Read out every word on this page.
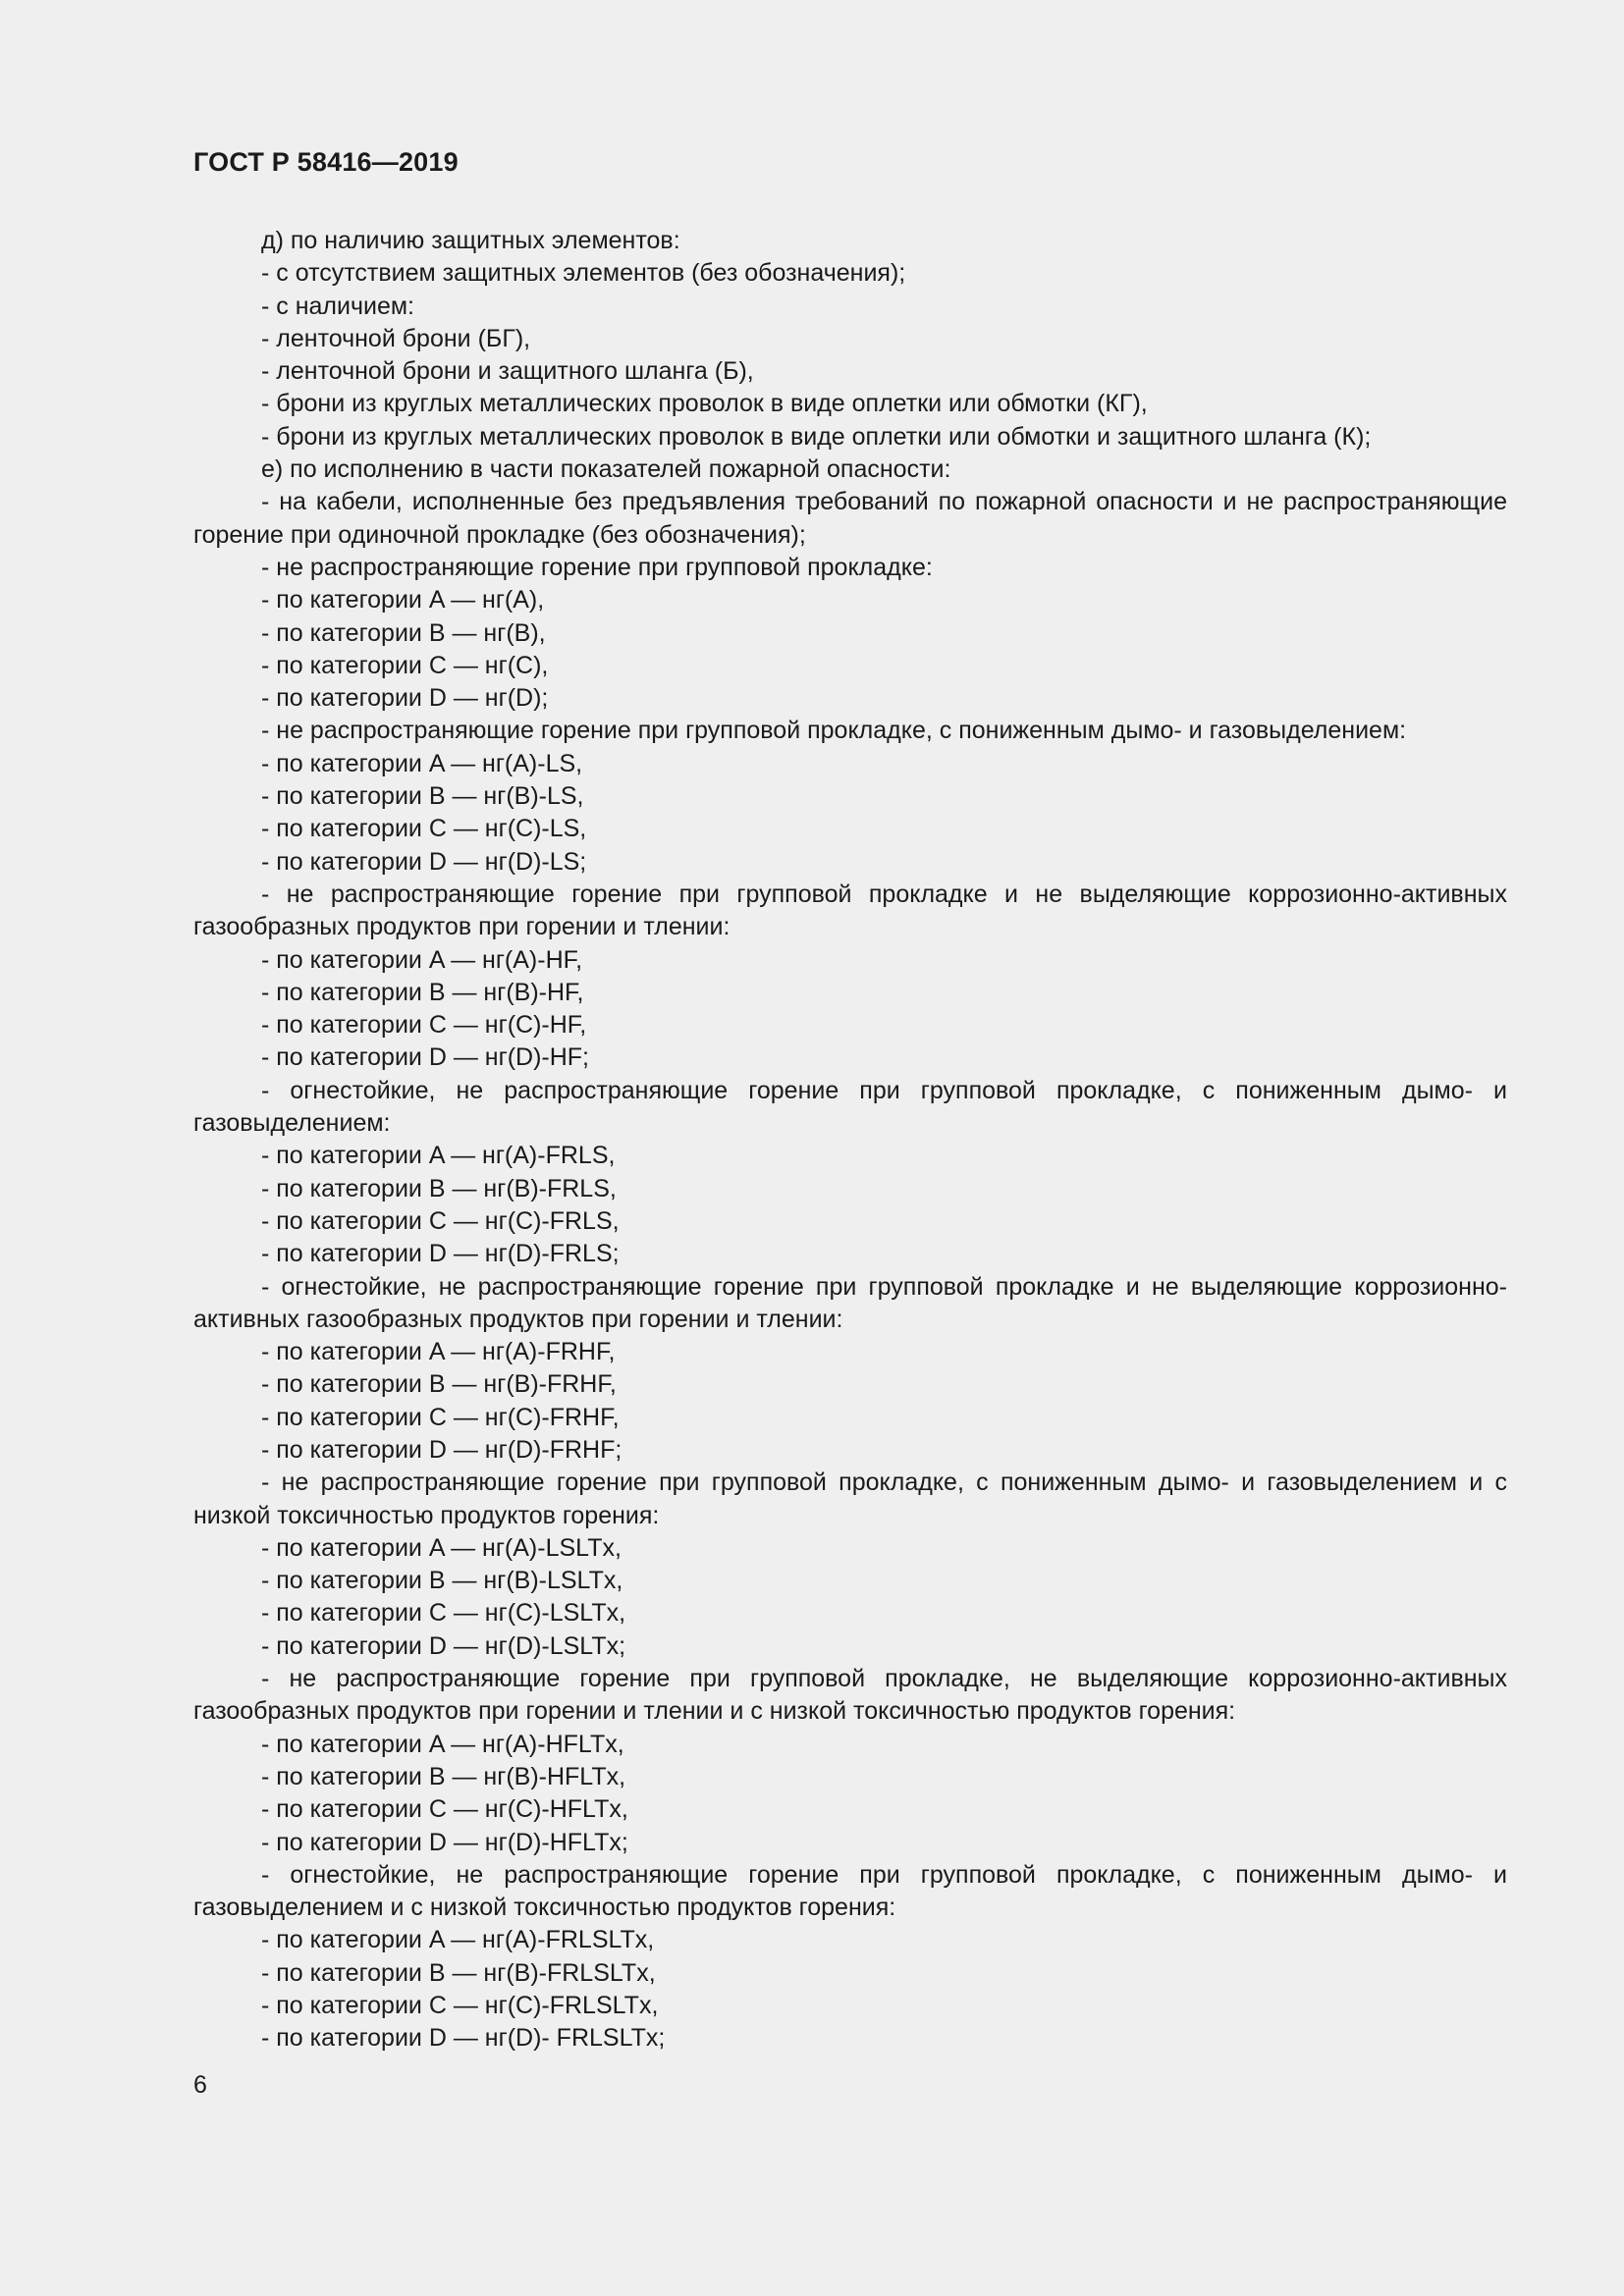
ГОСТ Р 58416—2019

д) по наличию защитных элементов:

- с отсутствием защитных элементов (без обозначения);

- с наличием:

- ленточной брони (БГ),

- ленточной брони и защитного шланга (Б),

- брони из круглых металлических проволок в виде оплетки или обмотки (КГ),

- брони из круглых металлических проволок в виде оплетки или обмотки и защитного шланга (К);

е) по исполнению в части показателей пожарной опасности:

- на кабели, исполненные без предъявления требований по пожарной опасности и не распространяющие горение при одиночной прокладке (без обозначения);

- не распространяющие горение при групповой прокладке:

- по категории A — нг(A),

- по категории B — нг(B),

- по категории C — нг(C),

- по категории D — нг(D);

- не распространяющие горение при групповой прокладке, с пониженным дымо- и газовыделением:

- по категории A — нг(A)-LS,

- по категории B — нг(B)-LS,

- по категории C — нг(C)-LS,

- по категории D — нг(D)-LS;

- не распространяющие горение при групповой прокладке и не выделяющие коррозионно-активных газообразных продуктов при горении и тлении:

- по категории A — нг(A)-HF,

- по категории B — нг(B)-HF,

- по категории C — нг(C)-HF,

- по категории D — нг(D)-HF;

- огнестойкие, не распространяющие горение при групповой прокладке, с пониженным дымо- и газовыделением:

- по категории A — нг(A)-FRLS,

- по категории B — нг(B)-FRLS,

- по категории C — нг(C)-FRLS,

- по категории D — нг(D)-FRLS;

- огнестойкие, не распространяющие горение при групповой прокладке и не выделяющие коррозионно-активных газообразных продуктов при горении и тлении:

- по категории A — нг(A)-FRHF,

- по категории B — нг(B)-FRHF,

- по категории C — нг(C)-FRHF,

- по категории D — нг(D)-FRHF;

- не распространяющие горение при групповой прокладке, с пониженным дымо- и газовыделением и с низкой токсичностью продуктов горения:

- по категории A — нг(A)-LSLTx,

- по категории B — нг(B)-LSLTx,

- по категории C — нг(C)-LSLTx,

- по категории D — нг(D)-LSLTx;

- не распространяющие горение при групповой прокладке, не выделяющие коррозионно-активных газообразных продуктов при горении и тлении и с низкой токсичностью продуктов горения:

- по категории A — нг(A)-HFLTx,

- по категории B — нг(B)-HFLTx,

- по категории C — нг(C)-HFLTx,

- по категории D — нг(D)-HFLTx;

- огнестойкие, не распространяющие горение при групповой прокладке, с пониженным дымо- и газовыделением и с низкой токсичностью продуктов горения:

- по категории A — нг(A)-FRLSLTx,

- по категории B — нг(B)-FRLSLTx,

- по категории C — нг(C)-FRLSLTx,

- по категории D — нг(D)- FRLSLTx;

6
